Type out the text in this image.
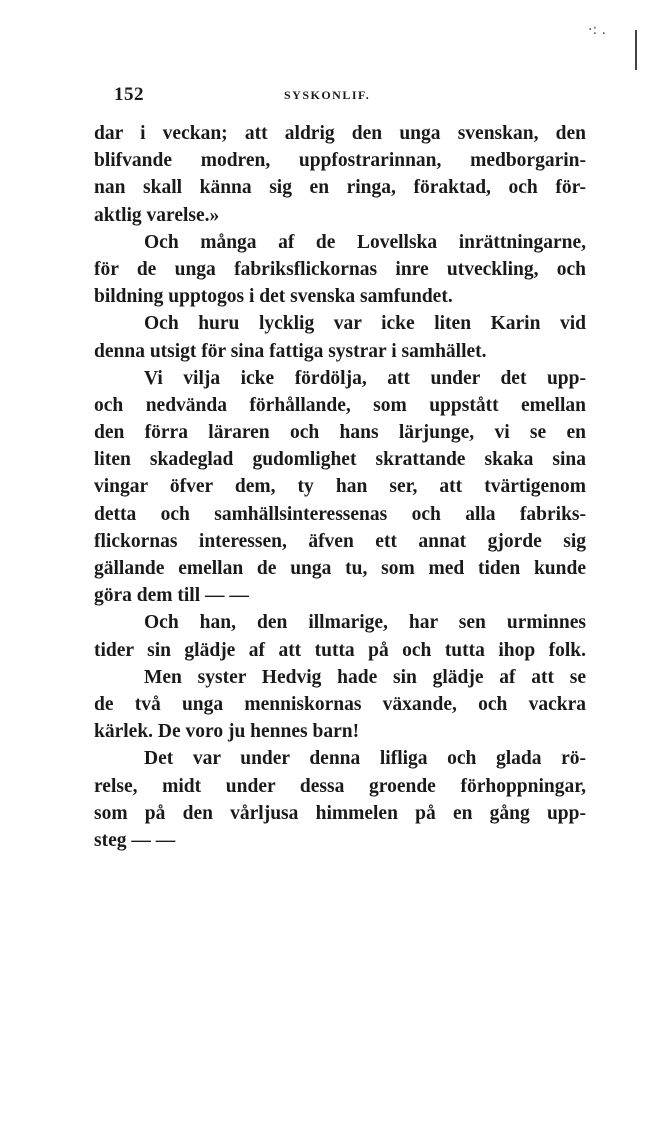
·꞉ .
152	SYSKONLIF.
dar i veckan; att aldrig den unga svenskan, den
blifvande modren, uppfostrarinnan, medborgarin-
nan skall känna sig en ringa, föraktad, och för-
aktlig varelse.»
Och många af de Lovellska inrättningarne,
för de unga fabriksflickornas inre utveckling, och
bildning upptogos i det svenska samfundet.
Och huru lycklig var icke liten Karin vid
denna utsigt för sina fattiga systrar i samhället.
Vi vilja icke fördölja, att under det upp-
och nedvända förhållande, som uppstått emellan
den förra läraren och hans lärjunge, vi se en
liten skadeglad gudomlighet skrattande skaka sina
vingar öfver dem, ty han ser, att tvärtigenom
detta och samhällsinteressenas och alla fabriks-
flickornas interessen, äfven ett annat gjorde sig
gällande emellan de unga tu, som med tiden kunde
göra dem till — —
Och han, den illmarige, har sen urminnes
tider sin glädje af att tutta på och tutta ihop folk.
Men syster Hedvig hade sin glädje af att se
de två unga menniskornas växande, och vackra
kärlek. De voro ju hennes barn!
Det var under denna lifliga och glada rö-
relse, midt under dessa groende förhoppningar,
som på den vårljusa himmelen på en gång upp-
steg — —
